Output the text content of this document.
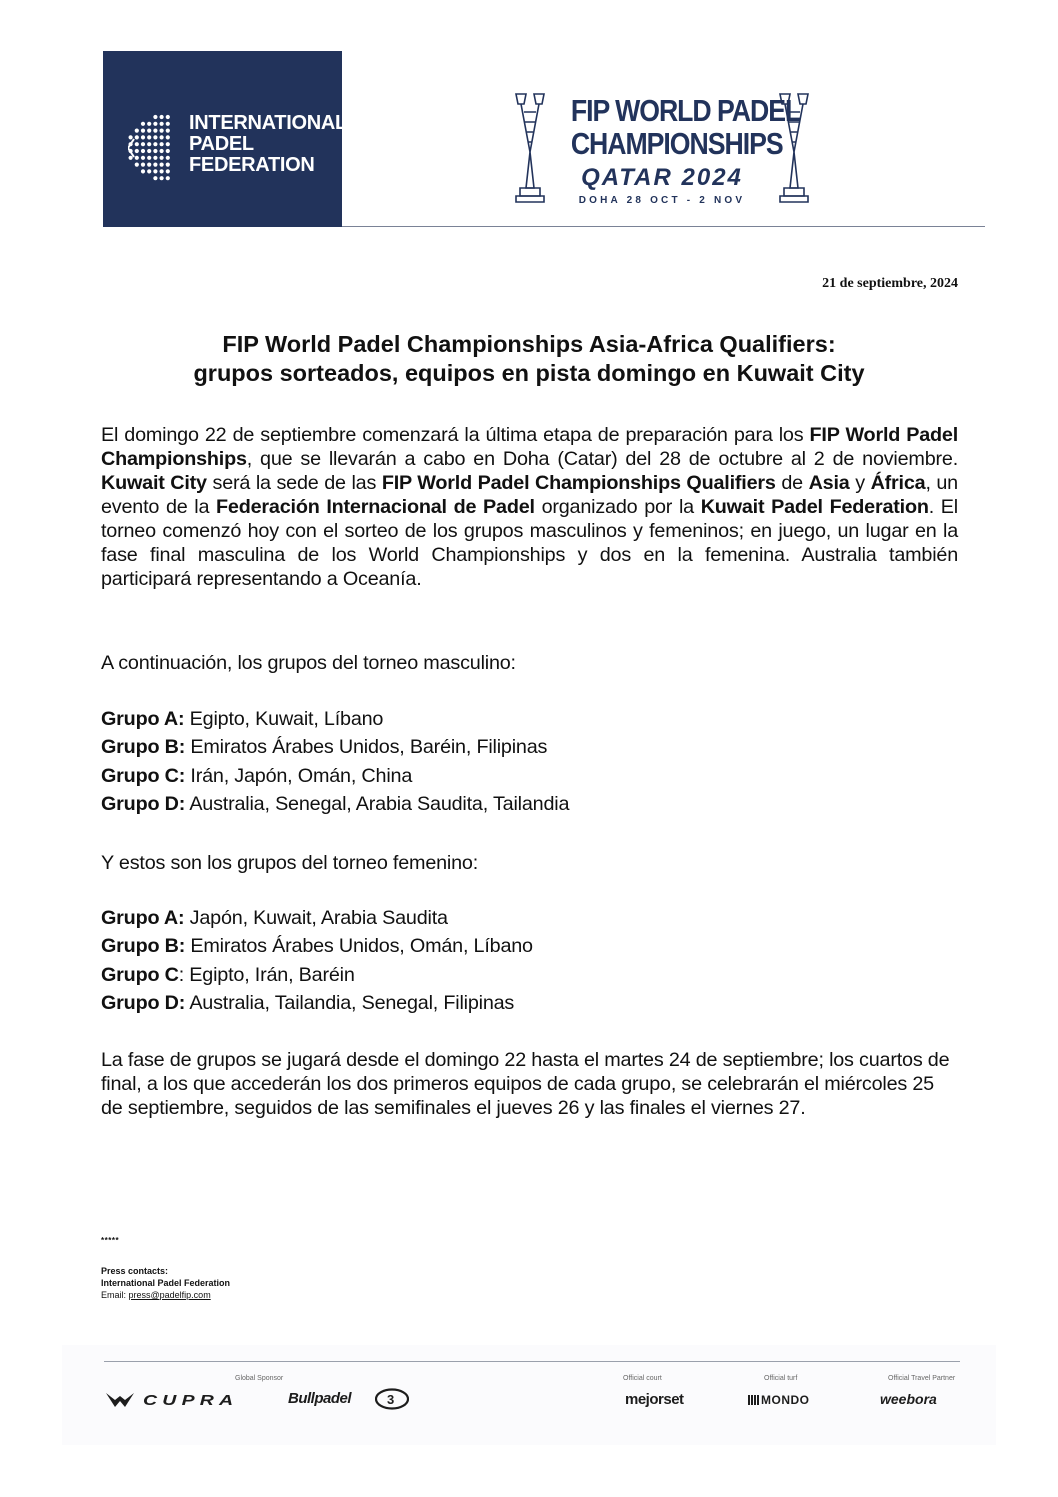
INTERNATIONAL
PADEL
FEDERATION
FIP WORLD PADEL
CHAMPIONSHIPS
QATAR 2024
DOHA 28 OCT - 2 NOV
21 de septiembre, 2024
FIP World Padel Championships Asia-Africa Qualifiers:
grupos sorteados, equipos en pista domingo en Kuwait City
El domingo 22 de septiembre comenzará la última etapa de preparación para los FIP World Padel Championships, que se llevarán a cabo en Doha (Catar) del 28 de octubre al 2 de noviembre. Kuwait City será la sede de las FIP World Padel Championships Qualifiers de Asia y África, un evento de la Federación Internacional de Padel organizado por la Kuwait Padel Federation. El torneo comenzó hoy con el sorteo de los grupos masculinos y femeninos; en juego, un lugar en la fase final masculina de los World Championships y dos en la femenina. Australia también participará representando a Oceanía.
A continuación, los grupos del torneo masculino:
Grupo A: Egipto, Kuwait, Líbano
Grupo B: Emiratos Árabes Unidos, Baréin, Filipinas
Grupo C: Irán, Japón, Omán, China
Grupo D: Australia, Senegal, Arabia Saudita, Tailandia
Y estos son los grupos del torneo femenino:
Grupo A: Japón, Kuwait, Arabia Saudita
Grupo B: Emiratos Árabes Unidos, Omán, Líbano
Grupo C: Egipto, Irán, Baréin
Grupo D: Australia, Tailandia, Senegal, Filipinas
La fase de grupos se jugará desde el domingo 22 hasta el martes 24 de septiembre; los cuartos de final, a los que accederán los dos primeros equipos de cada grupo, se celebrarán el miércoles 25 de septiembre, seguidos de las semifinales el jueves 26 y las finales el viernes 27.
*****
Press contacts:
International Padel Federation
Email: press@padelfip.com
Global Sponsor
CUPRA	Bullpadel	3
Official court
mejorset
Official turf
MONDO
Official Travel Partner
weebora
